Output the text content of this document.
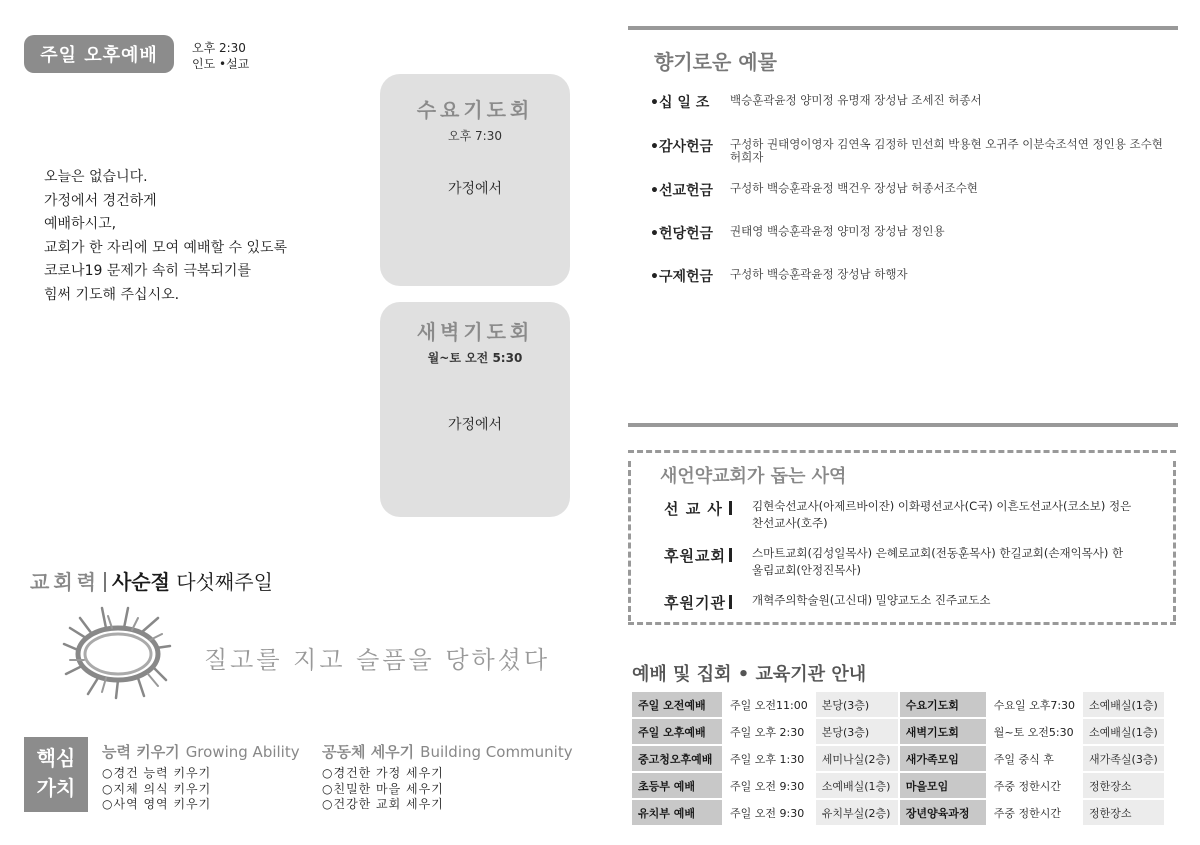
주일 오후예배	오후 2:30
인도 •설교
오늘은 없습니다.
가정에서 경건하게
예배하시고,
교회가 한 자리에 모여 예배할 수 있도록
코로나19 문제가 속히 극복되기를
힘써 기도해 주십시오.
수요기도회
오후 7:30
가정에서
새벽기도회
월~토 오전 5:30
가정에서
교회력 사순절 다섯째주일
질고를 지고 슬픔을 당하셨다
핵심
가치
능력 키우기 Growing Ability
○경건 능력 키우기
○지체 의식 키우기
○사역 영역 키우기
공동체 세우기 Building Community
○경건한 가정 세우기
○친밀한 마을 세우기
○건강한 교회 세우기
향기로운 예물
•십 일 조	백승훈곽윤정 양미정 유명재 장성남 조세진 허종서
•감사헌금	구성하 권태영이영자 김연옥 김정하 민선희 박용현 오귀주 이분숙조석연 정인용 조수현 허희자
•선교헌금	구성하 백승훈곽윤정 백건우 장성남 허종서조수현
•헌당헌금	권태영 백승훈곽윤정 양미정 장성남 정인용
•구제헌금	구성하 백승훈곽윤정 장성남 하행자
새언약교회가 돕는 사역
선 교 사	김현숙선교사(아제르바이잔) 이화평선교사(C국) 이흔도선교사(코소보) 정은찬선교사(호주)
후원교회	스마트교회(김성일목사) 은혜로교회(전동훈목사) 한길교회(손재익목사) 한울림교회(안정진목사)
후원기관	개혁주의학술원(고신대) 밀양교도소 진주교도소
예배 및 집회 • 교육기관 안내
주일 오전예배	주일 오전11:00	본당(3층)	수요기도회	수요일 오후7:30	소예배실(1층)
주일 오후예배	주일 오후 2:30	본당(3층)	새벽기도회	월~토 오전5:30	소예배실(1층)
중고청오후예배	주일 오후 1:30	세미나실(2층)	새가족모임	주일 중식 후	새가족실(3층)
초등부 예배	주일 오전 9:30	소예배실(1층)	마을모임	주중 정한시간	정한장소
유치부 예배	주일 오전 9:30	유치부실(2층)	장년양육과정	주중 정한시간	정한장소
